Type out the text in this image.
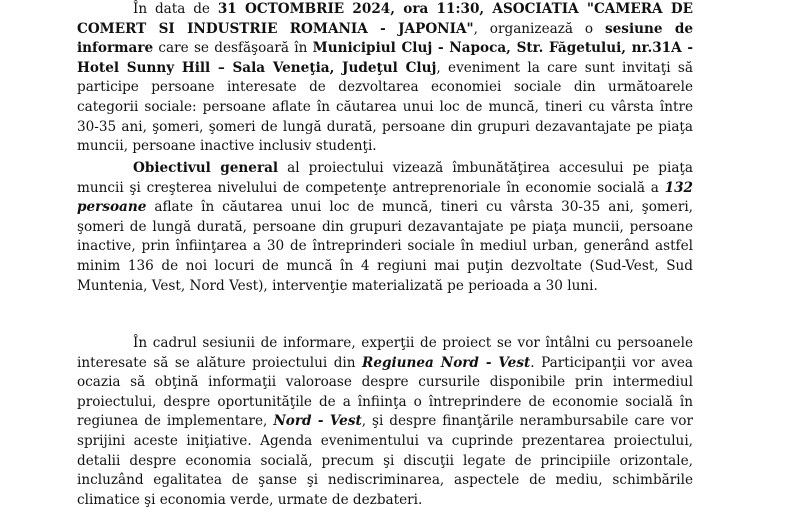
În data de 31 OCTOMBRIE 2024, ora 11:30, ASOCIATIA "CAMERA DE COMERT SI INDUSTRIE ROMANIA - JAPONIA", organizează o sesiune de informare care se desfăşoară în Municipiul Cluj - Napoca, Str. Făgetului, nr.31A - Hotel Sunny Hill – Sala Veneţia, Judeţul Cluj, eveniment la care sunt invitaţi să participe persoane interesate de dezvoltarea economiei sociale din următoarele categorii sociale: persoane aflate în căutarea unui loc de muncă, tineri cu vârsta între 30-35 ani, şomeri, şomeri de lungă durată, persoane din grupuri dezavantajate pe piaţa muncii, persoane inactive inclusiv studenţi.

Obiectivul general al proiectului vizează îmbunătăţirea accesului pe piaţa muncii şi creşterea nivelului de competenţe antreprenoriale în economie socială a 132 persoane aflate în căutarea unui loc de muncă, tineri cu vârsta 30-35 ani, şomeri, şomeri de lungă durată, persoane din grupuri dezavantajate pe piaţa muncii, persoane inactive, prin înfiinţarea a 30 de întreprinderi sociale în mediul urban, generând astfel minim 136 de noi locuri de muncă în 4 regiuni mai puţin dezvoltate (Sud-Vest, Sud Muntenia, Vest, Nord Vest), intervenţie materializată pe perioada a 30 luni.

În cadrul sesiunii de informare, experţii de proiect se vor întâlni cu persoanele interesate să se alăture proiectului din Regiunea Nord - Vest. Participanţii vor avea ocazia să obţină informaţii valoroase despre cursurile disponibile prin intermediul proiectului, despre oportunităţile de a înfiinţa o întreprindere de economie socială în regiunea de implementare, Nord - Vest, şi despre finanţările nerambursabile care vor sprijini aceste iniţiative. Agenda evenimentului va cuprinde prezentarea proiectului, detalii despre economia socială, precum şi discuţii legate de principiile orizontale, incluzând egalitatea de şanse şi nediscriminarea, aspectele de mediu, schimbările climatice şi economia verde, urmate de dezbateri.
